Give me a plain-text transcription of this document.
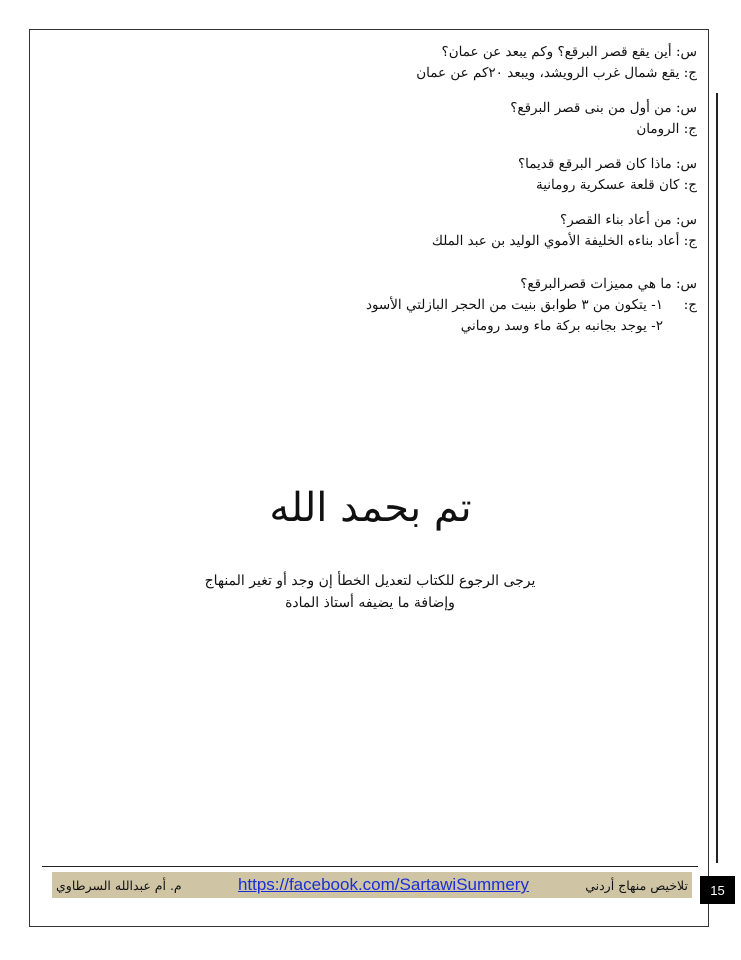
س: أين يقع قصر البرقع؟ وكم يبعد عن عمان؟
ج: يقع شمال غرب الرويشد، ويبعد ٢٠كم عن عمان
س: من أول من بنى قصر البرقع؟
ج: الرومان
س: ماذا كان قصر البرقع قديما؟
ج: كان قلعة عسكرية رومانية
س: من أعاد بناء القصر؟
ج: أعاد بناءه الخليفة الأموي الوليد بن عبد الملك
س: ما هي مميزات قصرالبرقع؟
ج:١- يتكون من ٣ طوابق بنيت من الحجر البازلتي الأسود
٢- يوجد بجانبه بركة ماء وسد روماني
تم بحمد الله
يرجى الرجوع للكتاب لتعديل الخطأ إن وجد أو تغير المنهاج
وإضافة ما يضيفه أستاذ المادة
م. أم عبدالله السرطاوي	https://facebook.com/SartawiSummery	تلاخيص منهاج أردني	15
